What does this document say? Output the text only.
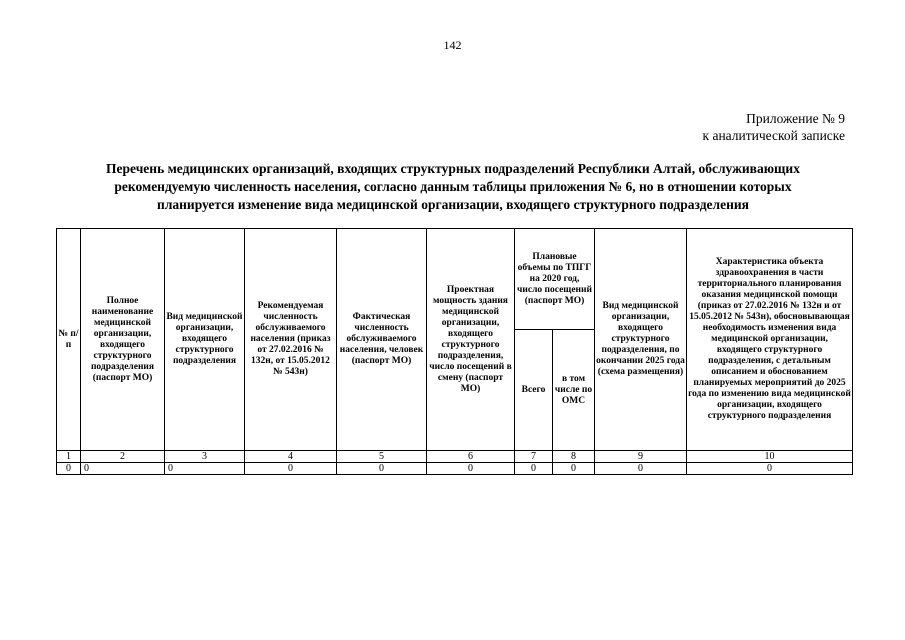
142
Приложение № 9
к аналитической записке
Перечень медицинских организаций, входящих структурных подразделений Республики Алтай, обслуживающих
рекомендуемую численность населения, согласно данным таблицы приложения № 6, но в отношении которых
планируется изменение вида медицинской организации, входящего структурного подразделения
№ п/п	Полное наименование медицинской организации, входящего структурного подразделения (паспорт МО)	Вид медицинской организации, входящего структурного подразделения	Рекомендуемая численность обслуживаемого населения (приказ от 27.02.2016 № 132н, от 15.05.2012 № 543н)	Фактическая численность обслуживаемого населения, человек (паспорт МО)	Проектная мощность здания медицинской организации, входящего структурного подразделения, число посещений в смену (паспорт МО)	Плановые объемы по ТПГГ на 2020 год, число посещений (паспорт МО)		Вид медицинской организации, входящего структурного подразделения, по окончании 2025 года (схема размещения)	Характеристика объекта здравоохранения в части территориального планирования оказания медицинской помощи (приказ от 27.02.2016 № 132н и от 15.05.2012 № 543н), обосновывающая необходимость изменения вида медицинской организации, входящего структурного подразделения, с детальным описанием и обоснованием планируемых мероприятий до 2025 года по изменению вида медицинской организации, входящего структурного подразделения
						Всего	в том числе по ОМС		
1	2	3	4	5	6	7	8	9	10
0	0	0	0	0	0	0	0	0	0
